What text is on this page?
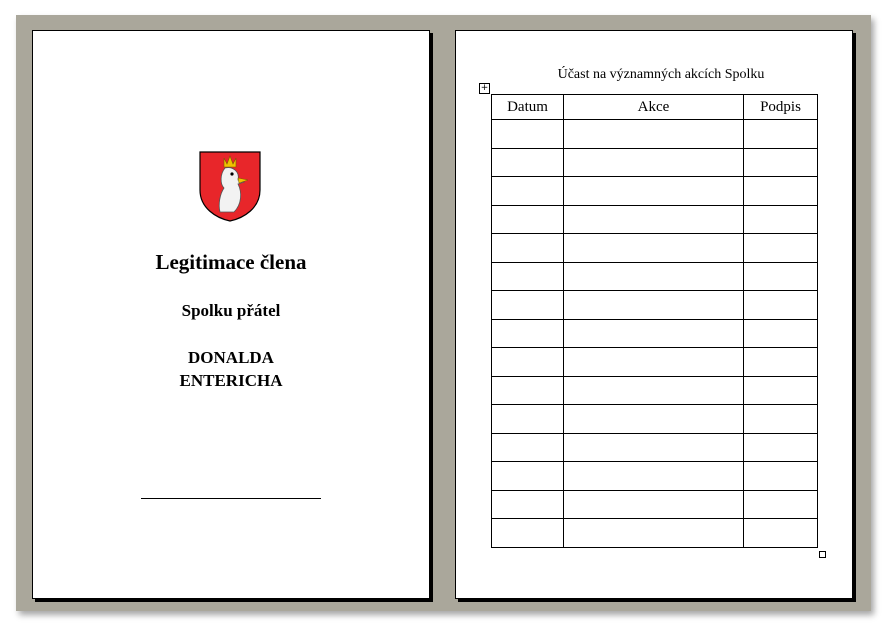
Legitimace člena
Spolku přátel
DONALDA
ENTERICHA
Účast na významných akcích Spolku
+
Datum	Akce	Podpis
